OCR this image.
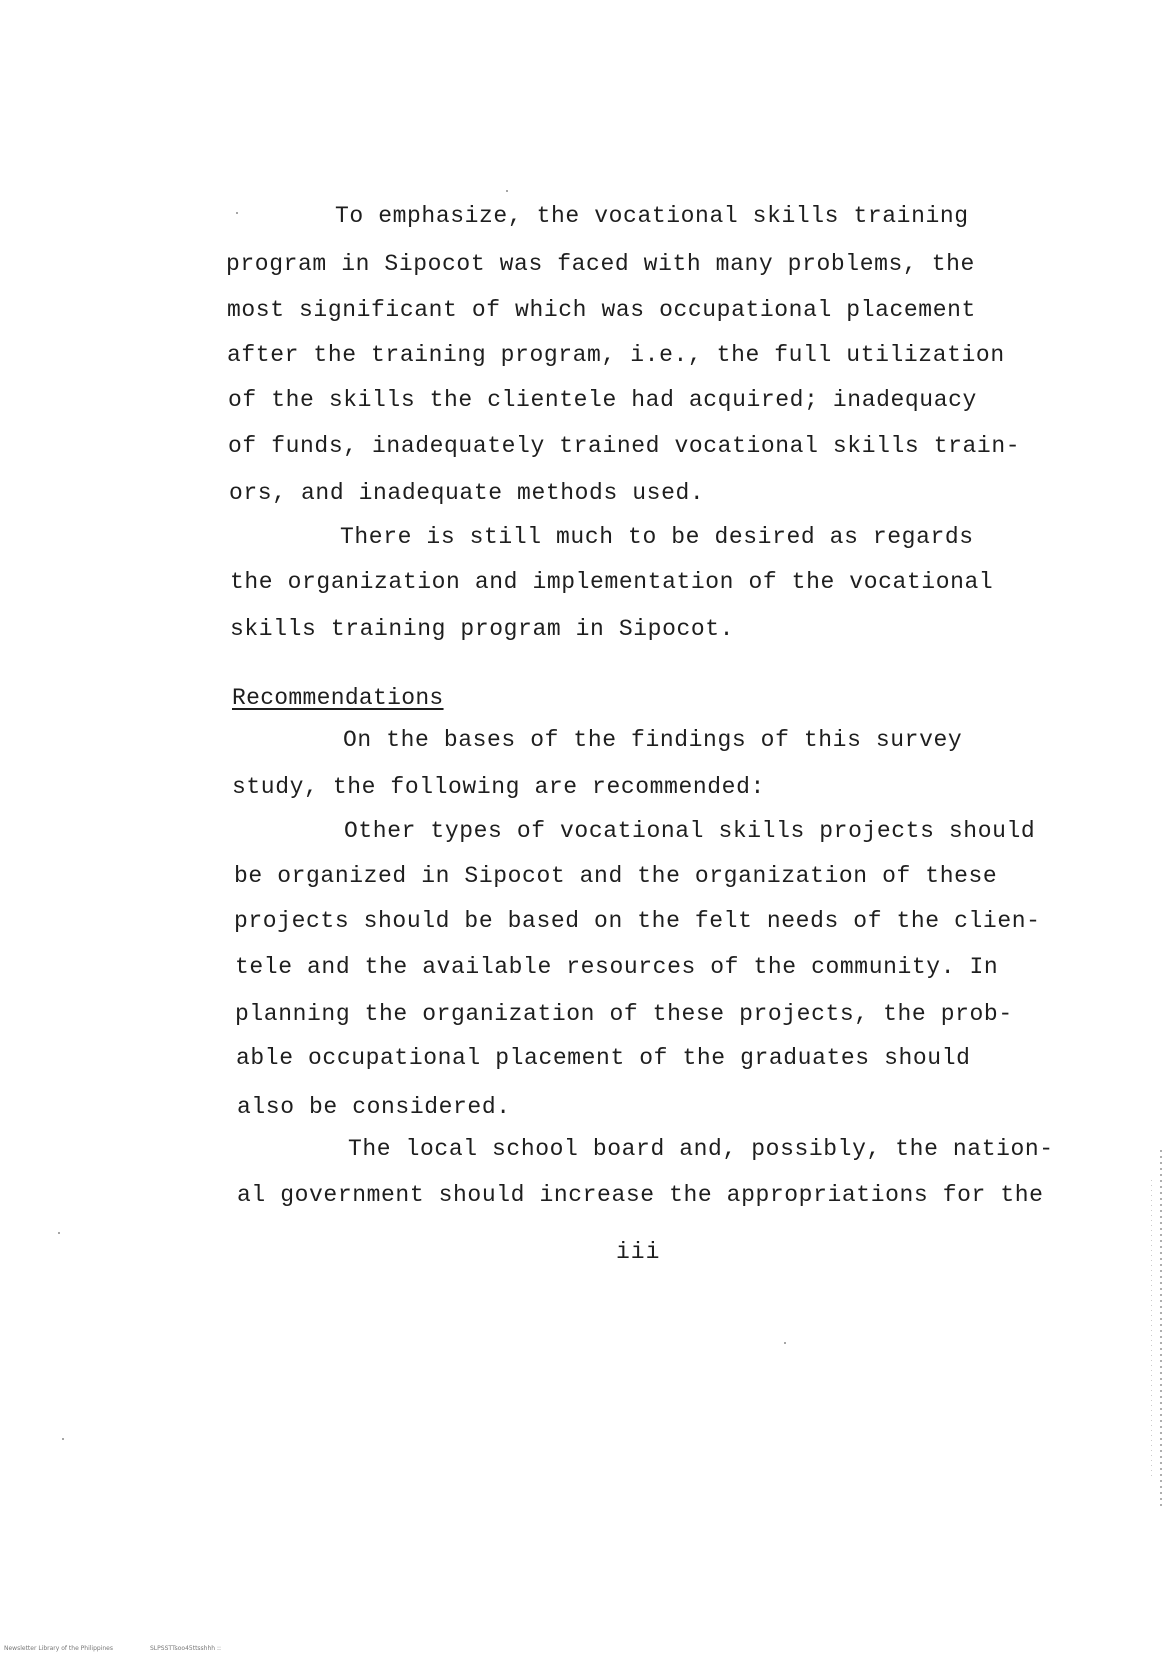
To emphasize, the vocational skills training
program in Sipocot was faced with many problems, the
most significant of which was occupational placement
after the training program, i.e., the full utilization
of the skills the clientele had acquired; inadequacy
of funds, inadequately trained vocational skills train-
ors, and inadequate methods used.
There is still much to be desired as regards
the organization and implementation of the vocational
skills training program in Sipocot.
Recommendations
On the bases of the findings of this survey
study, the following are recommended:
Other types of vocational skills projects should
be organized in Sipocot and the organization of these
projects should be based on the felt needs of the clien-
tele and the available resources of the community. In
planning the organization of these projects, the prob-
able occupational placement of the graduates should
also be considered.
The local school board and, possibly, the nation-
al government should increase the appropriations for the
iii
Newsletter Library of the Philippines	SLPSSTTsoo45ttsshhh ::
